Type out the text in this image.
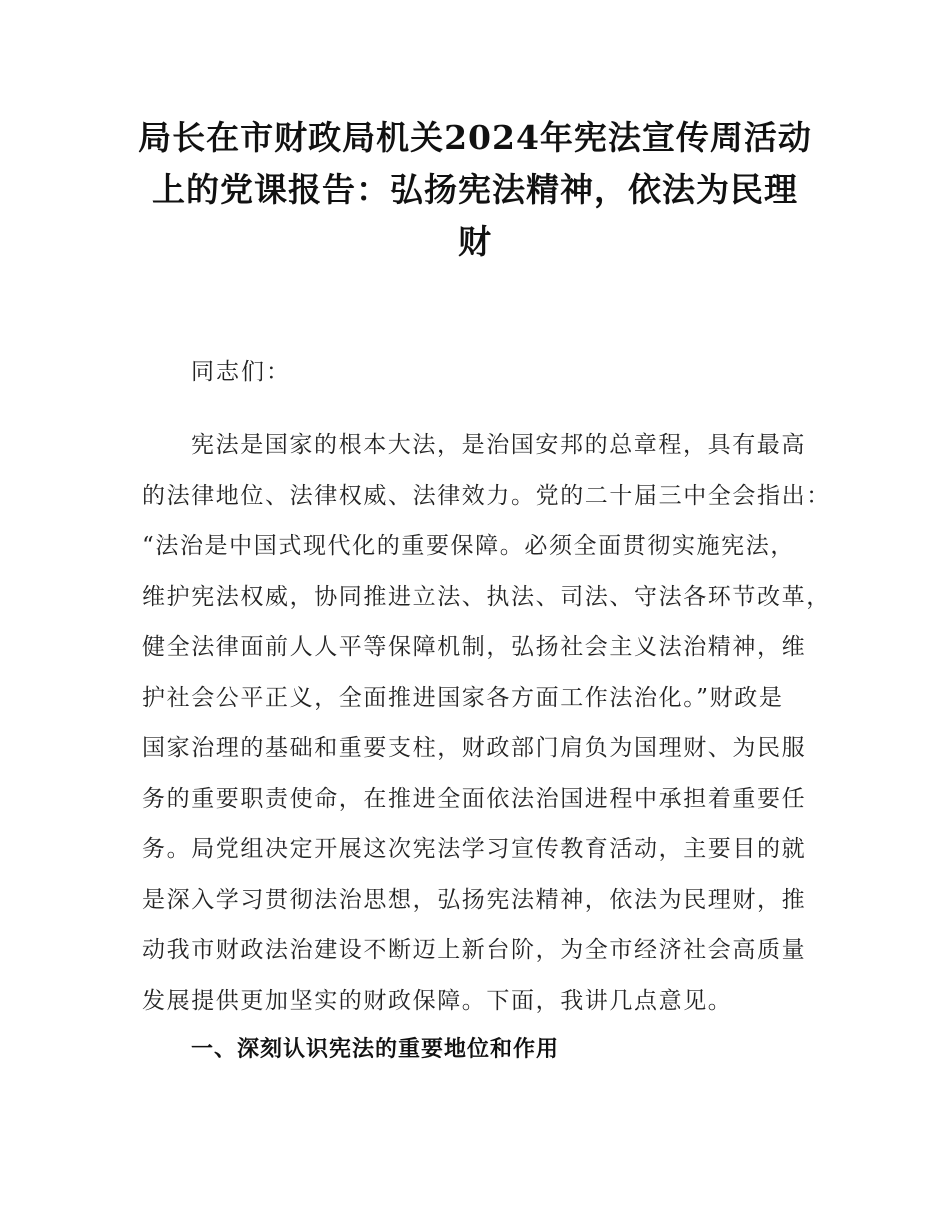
局长在市财政局机关2024年宪法宣传周活动
上的党课报告：弘扬宪法精神，依法为民理
财

同志们：

宪法是国家的根本大法，是治国安邦的总章程，具有最高
的法律地位、法律权威、法律效力。党的二十届三中全会指出：
“法治是中国式现代化的重要保障。必须全面贯彻实施宪法，
维护宪法权威，协同推进立法、执法、司法、守法各环节改革，
健全法律面前人人平等保障机制，弘扬社会主义法治精神，维
护社会公平正义，全面推进国家各方面工作法治化。”财政是
国家治理的基础和重要支柱，财政部门肩负为国理财、为民服
务的重要职责使命，在推进全面依法治国进程中承担着重要任
务。局党组决定开展这次宪法学习宣传教育活动，主要目的就
是深入学习贯彻法治思想，弘扬宪法精神，依法为民理财，推
动我市财政法治建设不断迈上新台阶，为全市经济社会高质量
发展提供更加坚实的财政保障。下面，我讲几点意见。

一、深刻认识宪法的重要地位和作用
